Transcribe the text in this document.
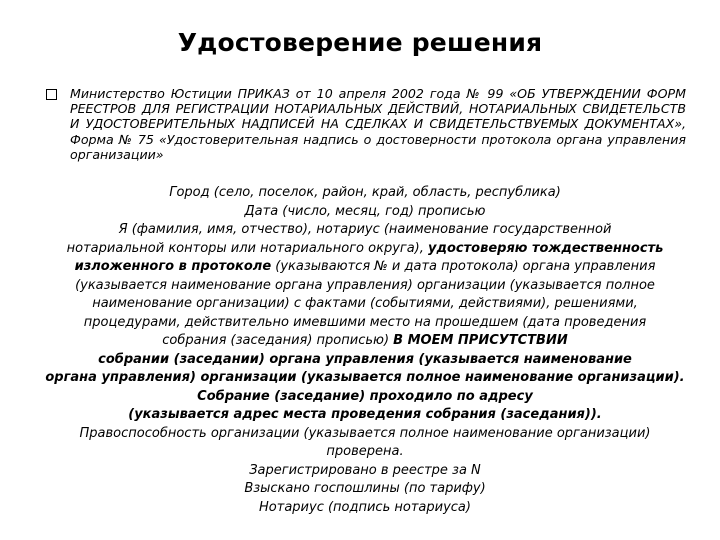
Удостоверение решения
Министерство Юстиции ПРИКАЗ от 10 апреля 2002 года № 99 «ОБ УТВЕРЖДЕНИИ ФОРМ РЕЕСТРОВ ДЛЯ РЕГИСТРАЦИИ НОТАРИАЛЬНЫХ ДЕЙСТВИЙ, НОТАРИАЛЬНЫХ СВИДЕТЕЛЬСТВ И УДОСТОВЕРИТЕЛЬНЫХ НАДПИСЕЙ НА СДЕЛКАХ И СВИДЕТЕЛЬСТВУЕМЫХ ДОКУМЕНТАХ», Форма № 75 «Удостоверительная надпись о достоверности протокола органа управления организации»
Город (село, поселок, район, край, область, республика)
Дата (число, месяц, год) прописью
Я (фамилия, имя, отчество), нотариус (наименование государственной
нотариальной конторы или нотариального округа), удостоверяю тождественность
изложенного в протоколе (указываются № и дата протокола) органа управления
(указывается наименование органа управления) организации (указывается полное
наименование организации) с фактами (событиями, действиями), решениями,
процедурами, действительно имевшими место на прошедшем (дата проведения
собрания (заседания) прописью) В МОЕМ ПРИСУТСТВИИ
собрании (заседании) органа управления (указывается наименование
органа управления) организации (указывается полное наименование организации).
Собрание (заседание) проходило по адресу
(указывается адрес места проведения собрания (заседания)).
Правоспособность организации (указывается полное наименование организации)
проверена.
Зарегистрировано в реестре за N
Взыскано госпошлины (по тарифу)
Нотариус (подпись нотариуса)
